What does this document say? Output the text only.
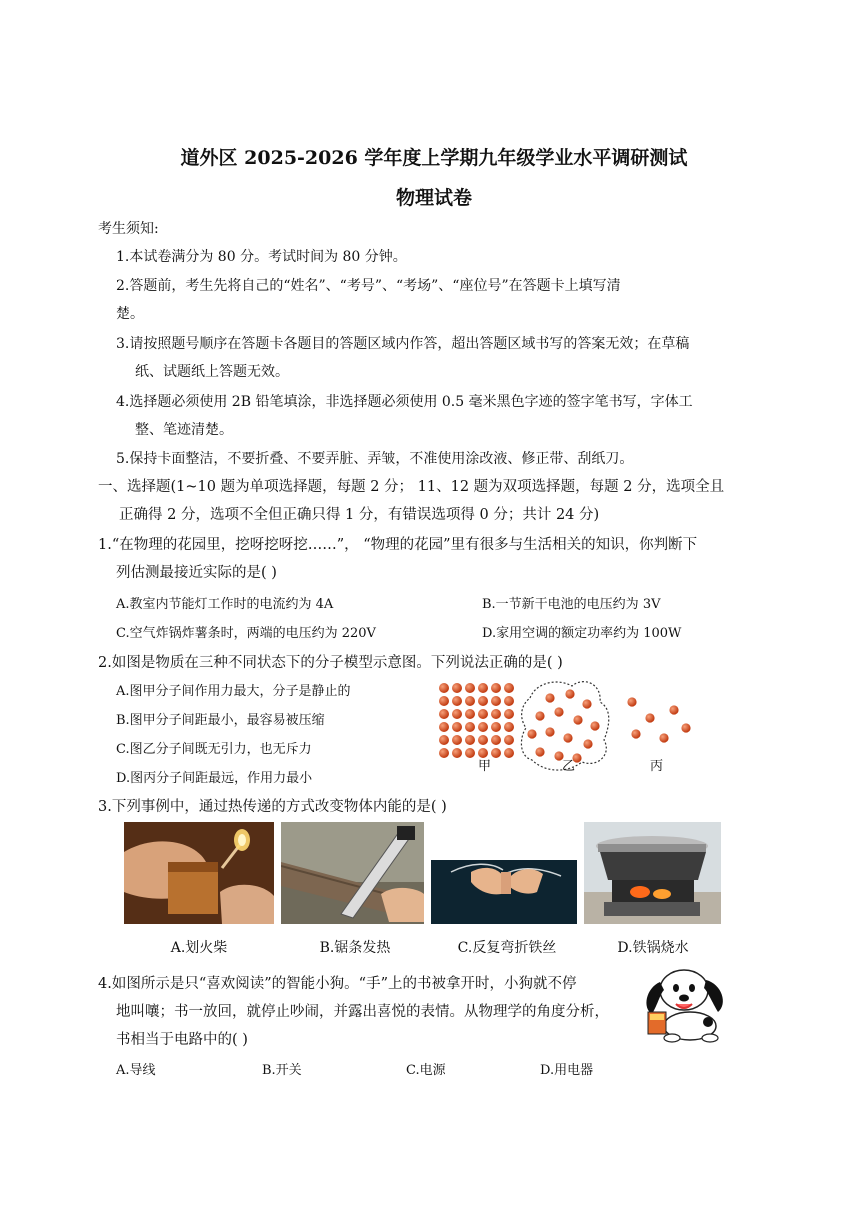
道外区 2025-2026 学年度上学期九年级学业水平调研测试
物理试卷
考生须知:
1.本试卷满分为 80 分。考试时间为 80 分钟。
2.答题前，考生先将自己的“姓名”、“考号”、“考场”、“座位号”在答题卡上填写清
楚。
3.请按照题号顺序在答题卡各题目的答题区域内作答，超出答题区域书写的答案无效；在草稿
纸、试题纸上答题无效。
4.选择题必须使用 2B 铅笔填涂，非选择题必须使用 0.5 毫米黑色字迹的签字笔书写，字体工
整、笔迹清楚。
5.保持卡面整洁，不要折叠、不要弄脏、弄皱，不准使用涂改液、修正带、刮纸刀。
一、选择题(1~10 题为单项选择题，每题 2 分； 11、12 题为双项选择题，每题 2 分，选项全且
正确得 2 分，选项不全但正确只得 1 分，有错误选项得 0 分；共计 24 分)
1.“在物理的花园里，挖呀挖呀挖……”， “物理的花园”里有很多与生活相关的知识，你判断下
列估测最接近实际的是( )
A.教室内节能灯工作时的电流约为 4A	B.一节新干电池的电压约为 3V
C.空气炸锅炸薯条时，两端的电压约为 220V	D.家用空调的额定功率约为 100W
2.如图是物质在三种不同状态下的分子模型示意图。下列说法正确的是( )
A.图甲分子间作用力最大，分子是静止的
B.图甲分子间距最小，最容易被压缩
C.图乙分子间既无引力，也无斥力
D.图丙分子间距最远，作用力最小
甲	乙	丙
3.下列事例中，通过热传递的方式改变物体内能的是( )
A.划火柴	B.锯条发热	C.反复弯折铁丝	D.铁锅烧水
4.如图所示是只“喜欢阅读”的智能小狗。“手”上的书被拿开时，小狗就不停
地叫嚷；书一放回，就停止吵闹，并露出喜悦的表情。从物理学的角度分析，
书相当于电路中的( )
A.导线	B.开关	C.电源	D.用电器
